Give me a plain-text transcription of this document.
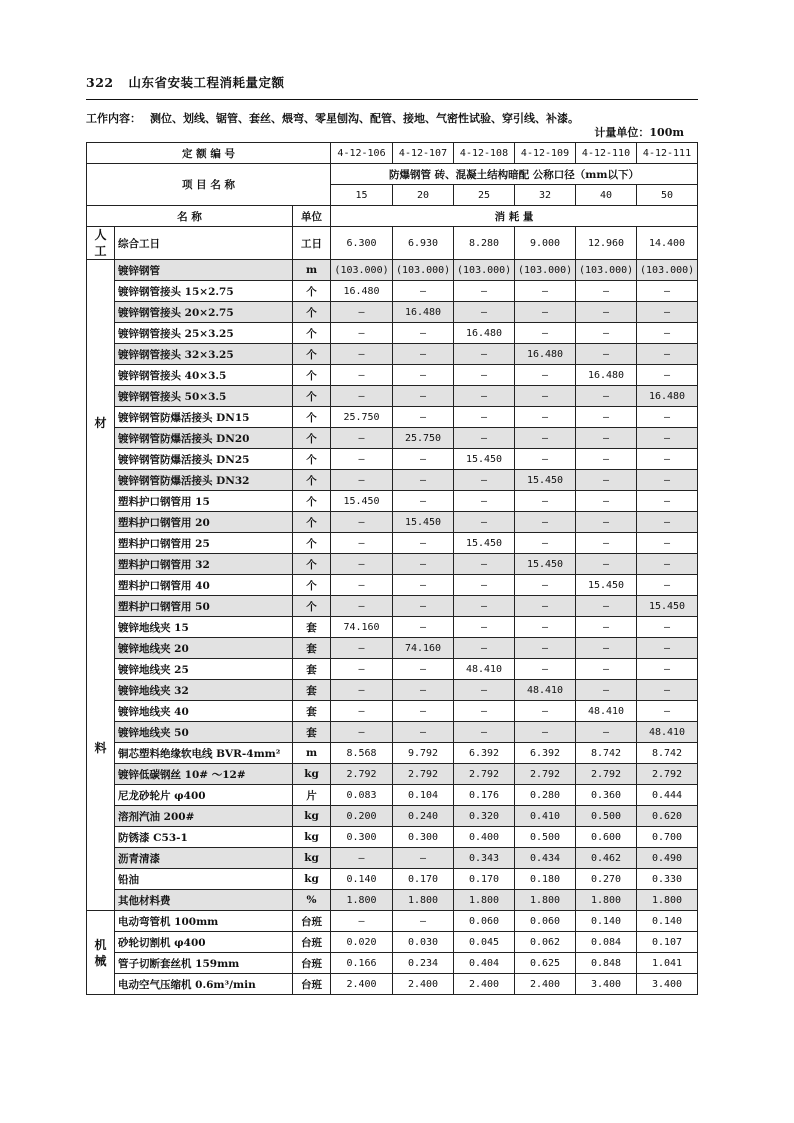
322 山东省安装工程消耗量定额
工作内容： 测位、划线、锯管、套丝、煨弯、零星刨沟、配管、接地、气密性试验、穿引线、补漆。
计量单位：100m
定 额 编 号			4-12-106	4-12-107	4-12-108	4-12-109	4-12-110	4-12-111
项 目 名 称			防爆钢管 砖、混凝土结构暗配 公称口径（mm以下）					
			15	20	25	32	40	50
名 称		单位	消 耗 量					
人工	综合工日	工日	6.300	6.930	8.280	9.000	12.960	14.400

材
料	镀锌钢管	m	(103.000)	(103.000)	(103.000)	(103.000)	(103.000)	(103.000)
	镀锌钢管接头 15×2.75	个	16.480	—	—	—	—	—
	镀锌钢管接头 20×2.75	个	—	16.480	—	—	—	—
	镀锌钢管接头 25×3.25	个	—	—	16.480	—	—	—
	镀锌钢管接头 32×3.25	个	—	—	—	16.480	—	—
	镀锌钢管接头 40×3.5	个	—	—	—	—	16.480	—
	镀锌钢管接头 50×3.5	个	—	—	—	—	—	16.480
	镀锌钢管防爆活接头 DN15	个	25.750	—	—	—	—	—
	镀锌钢管防爆活接头 DN20	个	—	25.750	—	—	—	—
	镀锌钢管防爆活接头 DN25	个	—	—	15.450	—	—	—
	镀锌钢管防爆活接头 DN32	个	—	—	—	15.450	—	—
	塑料护口钢管用 15	个	15.450	—	—	—	—	—
	塑料护口钢管用 20	个	—	15.450	—	—	—	—
	塑料护口钢管用 25	个	—	—	15.450	—	—	—
	塑料护口钢管用 32	个	—	—	—	15.450	—	—
	塑料护口钢管用 40	个	—	—	—	—	15.450	—
	塑料护口钢管用 50	个	—	—	—	—	—	15.450
	镀锌地线夹 15	套	74.160	—	—	—	—	—
	镀锌地线夹 20	套	—	74.160	—	—	—	—
	镀锌地线夹 25	套	—	—	48.410	—	—	—
	镀锌地线夹 32	套	—	—	—	48.410	—	—
	镀锌地线夹 40	套	—	—	—	—	48.410	—
	镀锌地线夹 50	套	—	—	—	—	—	48.410
	铜芯塑料绝缘软电线 BVR-4mm²	m	8.568	9.792	6.392	6.392	8.742	8.742
	镀锌低碳钢丝 10# ～12#	kg	2.792	2.792	2.792	2.792	2.792	2.792
	尼龙砂轮片 φ400	片	0.083	0.104	0.176	0.280	0.360	0.444
	溶剂汽油 200#	kg	0.200	0.240	0.320	0.410	0.500	0.620
	防锈漆 C53-1	kg	0.300	0.300	0.400	0.500	0.600	0.700
	沥青清漆	kg	—	—	0.343	0.434	0.462	0.490
	铅油	kg	0.140	0.170	0.170	0.180	0.270	0.330
	其他材料费	%	1.800	1.800	1.800	1.800	1.800	1.800
机械	电动弯管机 100mm	台班	—	—	0.060	0.060	0.140	0.140
	砂轮切割机 φ400	台班	0.020	0.030	0.045	0.062	0.084	0.107
	管子切断套丝机 159mm	台班	0.166	0.234	0.404	0.625	0.848	1.041
	电动空气压缩机 0.6m³/min	台班	2.400	2.400	2.400	2.400	3.400	3.400
